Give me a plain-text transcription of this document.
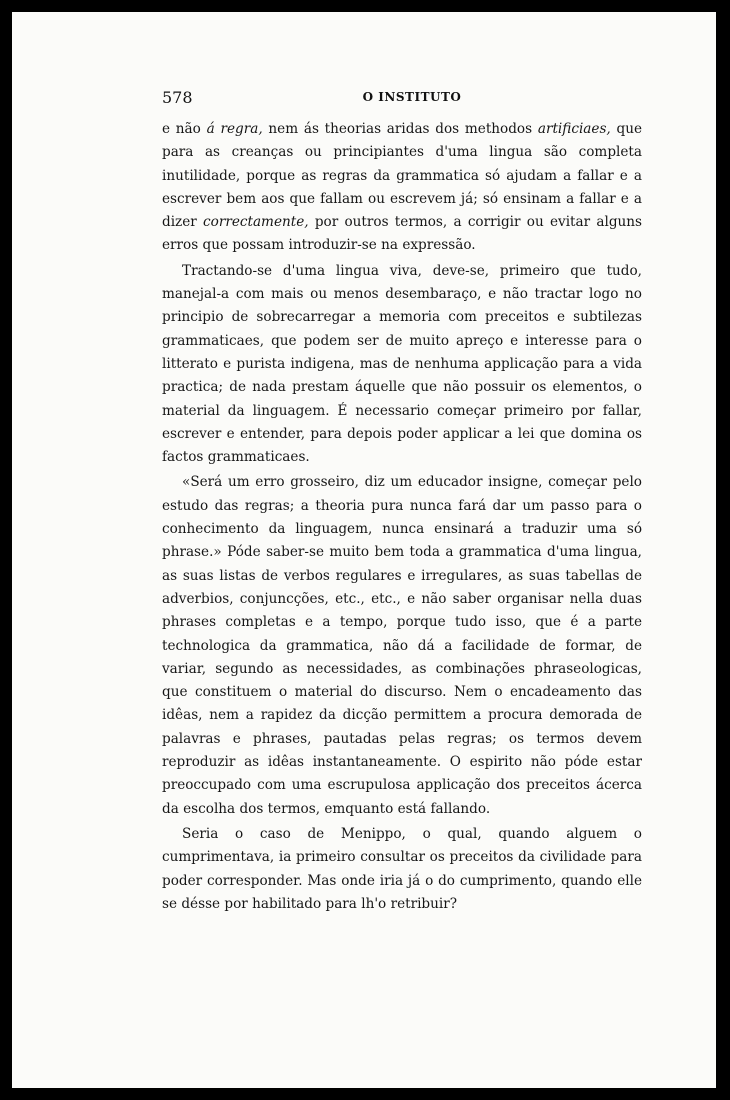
578	O INSTITUTO

e não á regra, nem ás theorias aridas dos methodos artificiaes, que para as creanças ou principiantes d'uma lingua são completa inutilidade, porque as regras da grammatica só ajudam a fallar e a escrever bem aos que fallam ou escrevem já; só ensinam a fallar e a dizer correctamente, por outros termos, a corrigir ou evitar alguns erros que possam introduzir-se na expressão.

Tractando-se d'uma lingua viva, deve-se, primeiro que tudo, manejal-a com mais ou menos desembaraço, e não tractar logo no principio de sobrecarregar a memoria com preceitos e subtilezas grammaticaes, que podem ser de muito apreço e interesse para o litterato e purista indigena, mas de nenhuma applicação para a vida practica; de nada prestam áquelle que não possuir os elementos, o material da linguagem. É necessario começar primeiro por fallar, escrever e entender, para depois poder applicar a lei que domina os factos grammaticaes.

«Será um erro grosseiro, diz um educador insigne, começar pelo estudo das regras; a theoria pura nunca fará dar um passo para o conhecimento da linguagem, nunca ensinará a traduzir uma só phrase.» Póde saber-se muito bem toda a grammatica d'uma lingua, as suas listas de verbos regulares e irregulares, as suas tabellas de adverbios, conjuncções, etc., etc., e não saber organisar nella duas phrases completas e a tempo, porque tudo isso, que é a parte technologica da grammatica, não dá a facilidade de formar, de variar, segundo as necessidades, as combinações phraseologicas, que constituem o material do discurso. Nem o encadeamento das idêas, nem a rapidez da dicção permittem a procura demorada de palavras e phrases, pautadas pelas regras; os termos devem reproduzir as idêas instantaneamente. O espirito não póde estar preoccupado com uma escrupulosa applicação dos preceitos ácerca da escolha dos termos, emquanto está fallando.

Seria o caso de Menippo, o qual, quando alguem o cumprimentava, ia primeiro consultar os preceitos da civilidade para poder corresponder. Mas onde iria já o do cumprimento, quando elle se désse por habilitado para lh'o retribuir?
